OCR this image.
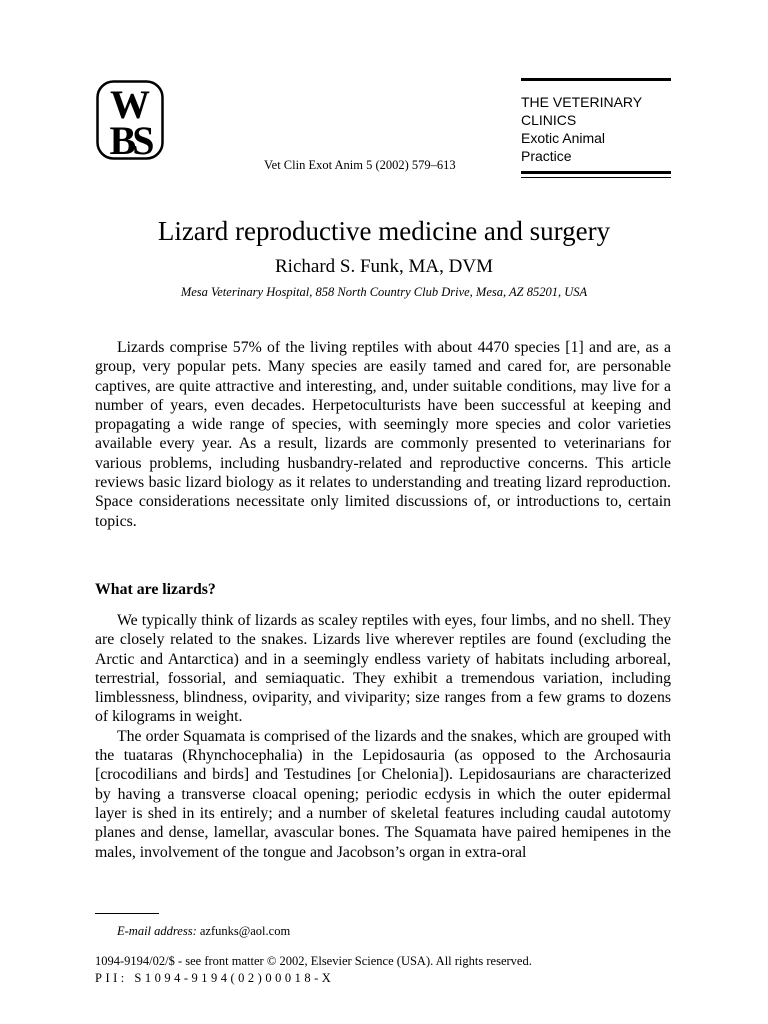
W
BS
THE VETERINARY
CLINICS
Exotic Animal
Practice
Vet Clin Exot Anim 5 (2002) 579–613
Lizard reproductive medicine and surgery
Richard S. Funk, MA, DVM
Mesa Veterinary Hospital, 858 North Country Club Drive, Mesa, AZ 85201, USA

Lizards comprise 57% of the living reptiles with about 4470 species [1] and are, as a group, very popular pets. Many species are easily tamed and cared for, are personable captives, are quite attractive and interesting, and, under suitable conditions, may live for a number of years, even decades. Herpetoculturists have been successful at keeping and propagating a wide range of species, with seemingly more species and color varieties available every year. As a result, lizards are commonly presented to veterinarians for various problems, including husbandry-related and reproductive concerns. This article reviews basic lizard biology as it relates to understanding and treating lizard reproduction. Space considerations necessitate only limited discussions of, or introductions to, certain topics.

What are lizards?

We typically think of lizards as scaley reptiles with eyes, four limbs, and no shell. They are closely related to the snakes. Lizards live wherever reptiles are found (excluding the Arctic and Antarctica) and in a seemingly endless variety of habitats including arboreal, terrestrial, fossorial, and semiaquatic. They exhibit a tremendous variation, including limblessness, blindness, oviparity, and viviparity; size ranges from a few grams to dozens of kilograms in weight.

The order Squamata is comprised of the lizards and the snakes, which are grouped with the tuataras (Rhynchocephalia) in the Lepidosauria (as opposed to the Archosauria [crocodilians and birds] and Testudines [or Chelonia]). Lepidosaurians are characterized by having a transverse cloacal opening; periodic ecdysis in which the outer epidermal layer is shed in its entirely; and a number of skeletal features including caudal autotomy planes and dense, lamellar, avascular bones. The Squamata have paired hemipenes in the males, involvement of the tongue and Jacobson’s organ in extra-oral

E-mail address: azfunks@aol.com
1094-9194/02/$ - see front matter © 2002, Elsevier Science (USA). All rights reserved.
PII: S1094-9194(02)00018-X
